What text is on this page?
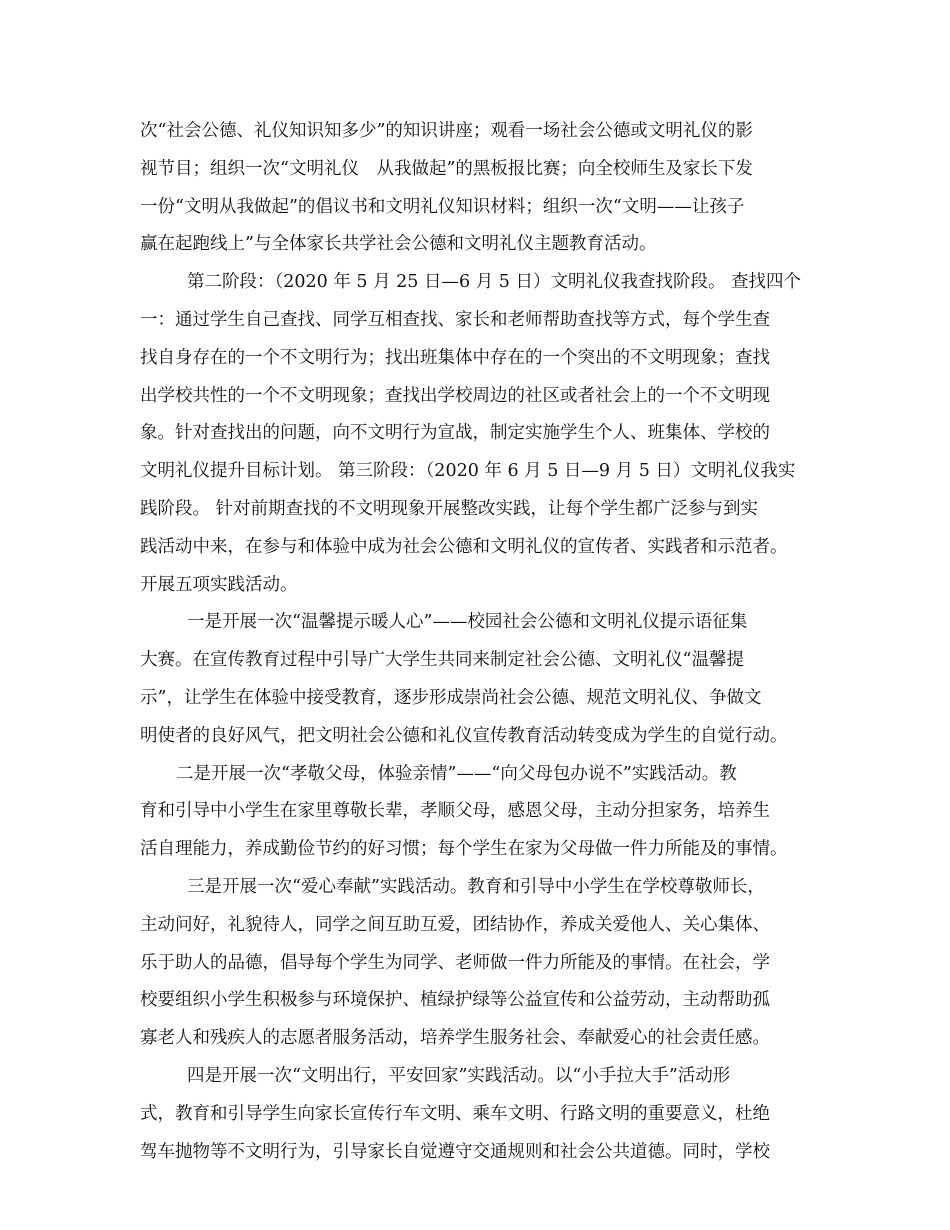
次“社会公德、礼仪知识知多少”的知识讲座；观看一场社会公德或文明礼仪的影
视节目；组织一次“文明礼仪　从我做起”的黑板报比赛；向全校师生及家长下发
一份“文明从我做起”的倡议书和文明礼仪知识材料；组织一次“文明——让孩子
赢在起跑线上”与全体家长共学社会公德和文明礼仪主题教育活动。
第二阶段：（2020 年 5 月 25 日—6 月 5 日）文明礼仪我查找阶段。 查找四个
一：通过学生自己查找、同学互相查找、家长和老师帮助查找等方式，每个学生查
找自身存在的一个不文明行为；找出班集体中存在的一个突出的不文明现象；查找
出学校共性的一个不文明现象；查找出学校周边的社区或者社会上的一个不文明现
象。针对查找出的问题，向不文明行为宣战，制定实施学生个人、班集体、学校的
文明礼仪提升目标计划。 第三阶段：（2020 年 6 月 5 日—9 月 5 日）文明礼仪我实
践阶段。 针对前期查找的不文明现象开展整改实践，让每个学生都广泛参与到实
践活动中来，在参与和体验中成为社会公德和文明礼仪的宣传者、实践者和示范者。
开展五项实践活动。
一是开展一次“温馨提示暖人心”——校园社会公德和文明礼仪提示语征集
大赛。在宣传教育过程中引导广大学生共同来制定社会公德、文明礼仪“温馨提
示”，让学生在体验中接受教育，逐步形成崇尚社会公德、规范文明礼仪、争做文
明使者的良好风气，把文明社会公德和礼仪宣传教育活动转变成为学生的自觉行动。
二是开展一次“孝敬父母，体验亲情”——“向父母包办说不”实践活动。教
育和引导中小学生在家里尊敬长辈，孝顺父母，感恩父母，主动分担家务，培养生
活自理能力，养成勤俭节约的好习惯；每个学生在家为父母做一件力所能及的事情。
三是开展一次“爱心奉献”实践活动。教育和引导中小学生在学校尊敬师长，
主动问好，礼貌待人，同学之间互助互爱，团结协作，养成关爱他人、关心集体、
乐于助人的品德，倡导每个学生为同学、老师做一件力所能及的事情。在社会，学
校要组织小学生积极参与环境保护、植绿护绿等公益宣传和公益劳动，主动帮助孤
寡老人和残疾人的志愿者服务活动，培养学生服务社会、奉献爱心的社会责任感。
四是开展一次“文明出行，平安回家”实践活动。以“小手拉大手”活动形
式，教育和引导学生向家长宣传行车文明、乘车文明、行路文明的重要意义，杜绝
驾车抛物等不文明行为，引导家长自觉遵守交通规则和社会公共道德。同时，学校
